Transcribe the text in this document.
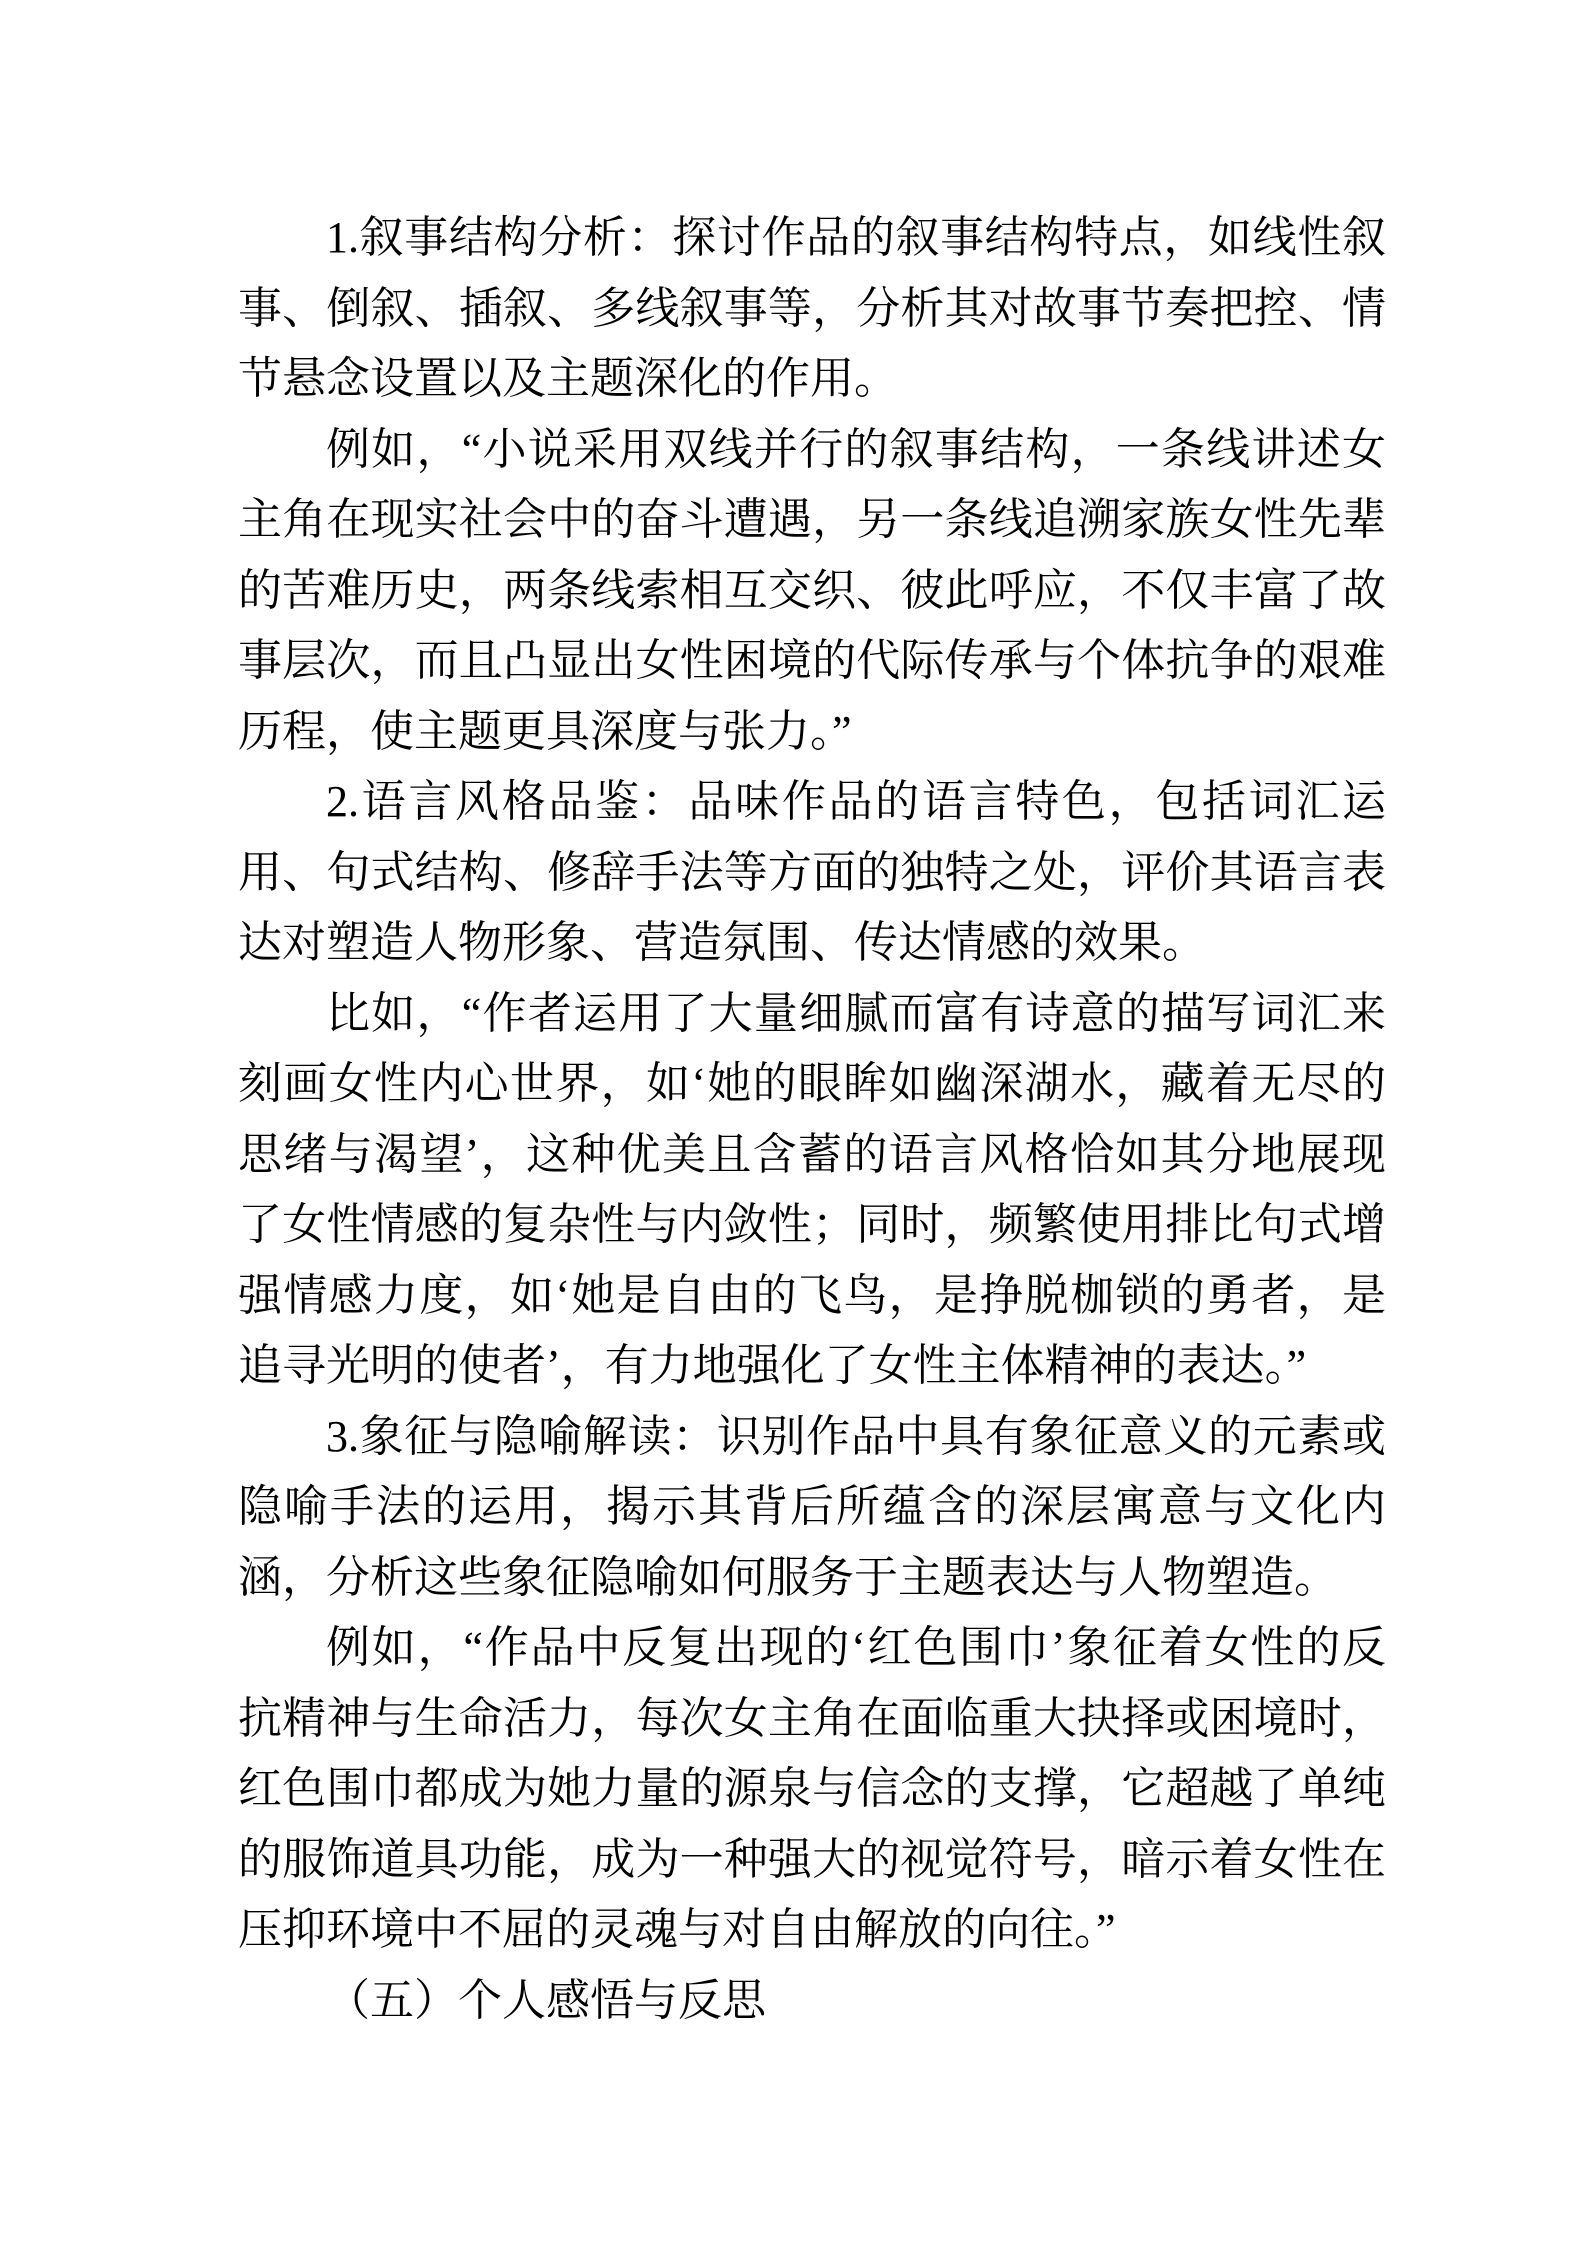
1.叙事结构分析：探讨作品的叙事结构特点，如线性叙事、倒叙、插叙、多线叙事等，分析其对故事节奏把控、情节悬念设置以及主题深化的作用。

例如，“小说采用双线并行的叙事结构，一条线讲述女主角在现实社会中的奋斗遭遇，另一条线追溯家族女性先辈的苦难历史，两条线索相互交织、彼此呼应，不仅丰富了故事层次，而且凸显出女性困境的代际传承与个体抗争的艰难历程，使主题更具深度与张力。”

2.语言风格品鉴：品味作品的语言特色，包括词汇运用、句式结构、修辞手法等方面的独特之处，评价其语言表达对塑造人物形象、营造氛围、传达情感的效果。

比如，“作者运用了大量细腻而富有诗意的描写词汇来刻画女性内心世界，如‘她的眼眸如幽深湖水，藏着无尽的思绪与渴望’，这种优美且含蓄的语言风格恰如其分地展现了女性情感的复杂性与内敛性；同时，频繁使用排比句式增强情感力度，如‘她是自由的飞鸟，是挣脱枷锁的勇者，是追寻光明的使者’，有力地强化了女性主体精神的表达。”

3.象征与隐喻解读：识别作品中具有象征意义的元素或隐喻手法的运用，揭示其背后所蕴含的深层寓意与文化内涵，分析这些象征隐喻如何服务于主题表达与人物塑造。

例如，“作品中反复出现的‘红色围巾’象征着女性的反抗精神与生命活力，每次女主角在面临重大抉择或困境时，红色围巾都成为她力量的源泉与信念的支撑，它超越了单纯的服饰道具功能，成为一种强大的视觉符号，暗示着女性在压抑环境中不屈的灵魂与对自由解放的向往。”

（五）个人感悟与反思
